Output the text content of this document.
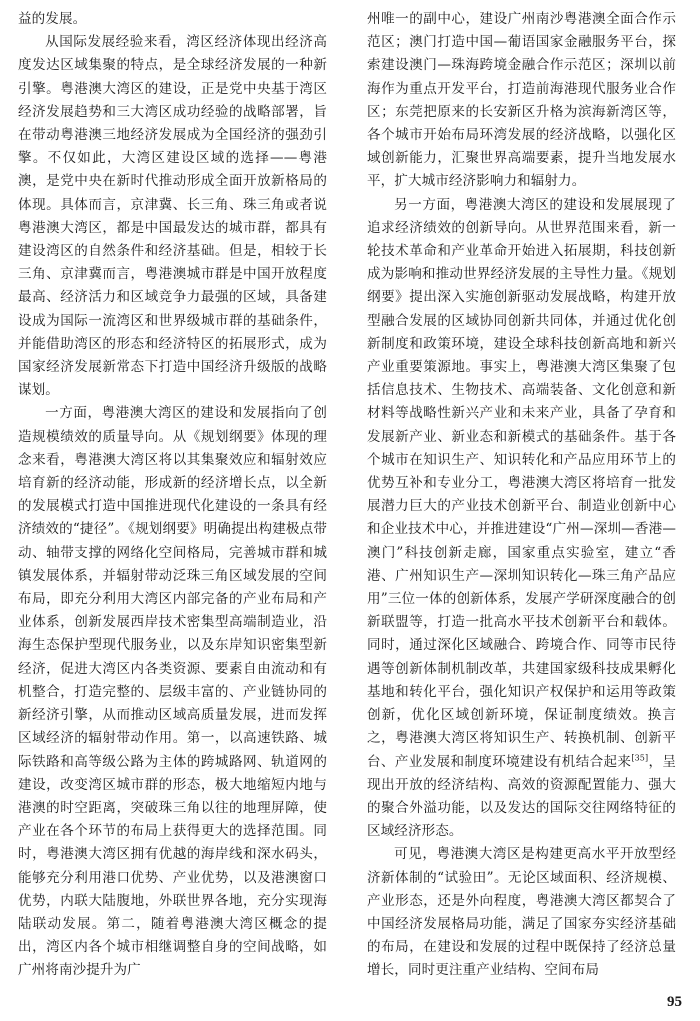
益的发展。

从国际发展经验来看，湾区经济体现出经济高度发达区域集聚的特点，是全球经济发展的一种新引擎。粤港澳大湾区的建设，正是党中央基于湾区经济发展趋势和三大湾区成功经验的战略部署，旨在带动粤港澳三地经济发展成为全国经济的强劲引擎。不仅如此，大湾区建设区域的选择——粤港澳，是党中央在新时代推动形成全面开放新格局的体现。具体而言，京津冀、长三角、珠三角或者说粤港澳大湾区，都是中国最发达的城市群，都具有建设湾区的自然条件和经济基础。但是，相较于长三角、京津冀而言，粤港澳城市群是中国开放程度最高、经济活力和区域竞争力最强的区域，具备建设成为国际一流湾区和世界级城市群的基础条件，并能借助湾区的形态和经济特区的拓展形式，成为国家经济发展新常态下打造中国经济升级版的战略谋划。

一方面，粤港澳大湾区的建设和发展指向了创造规模绩效的质量导向。从《规划纲要》体现的理念来看，粤港澳大湾区将以其集聚效应和辐射效应培育新的经济动能，形成新的经济增长点，以全新的发展模式打造中国推进现代化建设的一条具有经济绩效的“捷径”。《规划纲要》明确提出构建极点带动、轴带支撑的网络化空间格局，完善城市群和城镇发展体系，并辐射带动泛珠三角区域发展的空间布局，即充分利用大湾区内部完备的产业布局和产业体系，创新发展西岸技术密集型高端制造业，沿海生态保护型现代服务业，以及东岸知识密集型新经济，促进大湾区内各类资源、要素自由流动和有机整合，打造完整的、层级丰富的、产业链协同的新经济引擎，从而推动区域高质量发展，进而发挥区域经济的辐射带动作用。第一，以高速铁路、城际铁路和高等级公路为主体的跨城路网、轨道网的建设，改变湾区城市群的形态，极大地缩短内地与港澳的时空距离，突破珠三角以往的地理屏障，使产业在各个环节的布局上获得更大的选择范围。同时，粤港澳大湾区拥有优越的海岸线和深水码头，能够充分利用港口优势、产业优势，以及港澳窗口优势，内联大陆腹地，外联世界各地，充分实现海陆联动发展。第二，随着粤港澳大湾区概念的提出，湾区内各个城市相继调整自身的空间战略，如广州将南沙提升为广

州唯一的副中心，建设广州南沙粤港澳全面合作示范区；澳门打造中国—葡语国家金融服务平台，探索建设澳门—珠海跨境金融合作示范区；深圳以前海作为重点开发平台，打造前海港现代服务业合作区；东莞把原来的长安新区升格为滨海新湾区等，各个城市开始布局环湾发展的经济战略，以强化区域创新能力，汇聚世界高端要素，提升当地发展水平，扩大城市经济影响力和辐射力。

另一方面，粤港澳大湾区的建设和发展展现了追求经济绩效的创新导向。从世界范围来看，新一轮技术革命和产业革命开始进入拓展期，科技创新成为影响和推动世界经济发展的主导性力量。《规划纲要》提出深入实施创新驱动发展战略，构建开放型融合发展的区域协同创新共同体，并通过优化创新制度和政策环境，建设全球科技创新高地和新兴产业重要策源地。事实上，粤港澳大湾区集聚了包括信息技术、生物技术、高端装备、文化创意和新材料等战略性新兴产业和未来产业，具备了孕育和发展新产业、新业态和新模式的基础条件。基于各个城市在知识生产、知识转化和产品应用环节上的优势互补和专业分工，粤港澳大湾区将培育一批发展潜力巨大的产业技术创新平台、制造业创新中心和企业技术中心，并推进建设“广州—深圳—香港—澳门”科技创新走廊，国家重点实验室，建立“香港、广州知识生产—深圳知识转化—珠三角产品应用”三位一体的创新体系，发展产学研深度融合的创新联盟等，打造一批高水平技术创新平台和载体。同时，通过深化区域融合、跨境合作、同等市民待遇等创新体制机制改革，共建国家级科技成果孵化基地和转化平台，强化知识产权保护和运用等政策创新，优化区域创新环境，保证制度绩效。换言之，粤港澳大湾区将知识生产、转换机制、创新平台、产业发展和制度环境建设有机结合起来[35]，呈现出开放的经济结构、高效的资源配置能力、强大的聚合外溢功能，以及发达的国际交往网络特征的区域经济形态。

可见，粤港澳大湾区是构建更高水平开放型经济新体制的“试验田”。无论区域面积、经济规模、产业形态，还是外向程度，粤港澳大湾区都契合了中国经济发展格局功能，满足了国家夯实经济基础的布局，在建设和发展的过程中既保持了经济总量增长，同时更注重产业结构、空间布局

95
